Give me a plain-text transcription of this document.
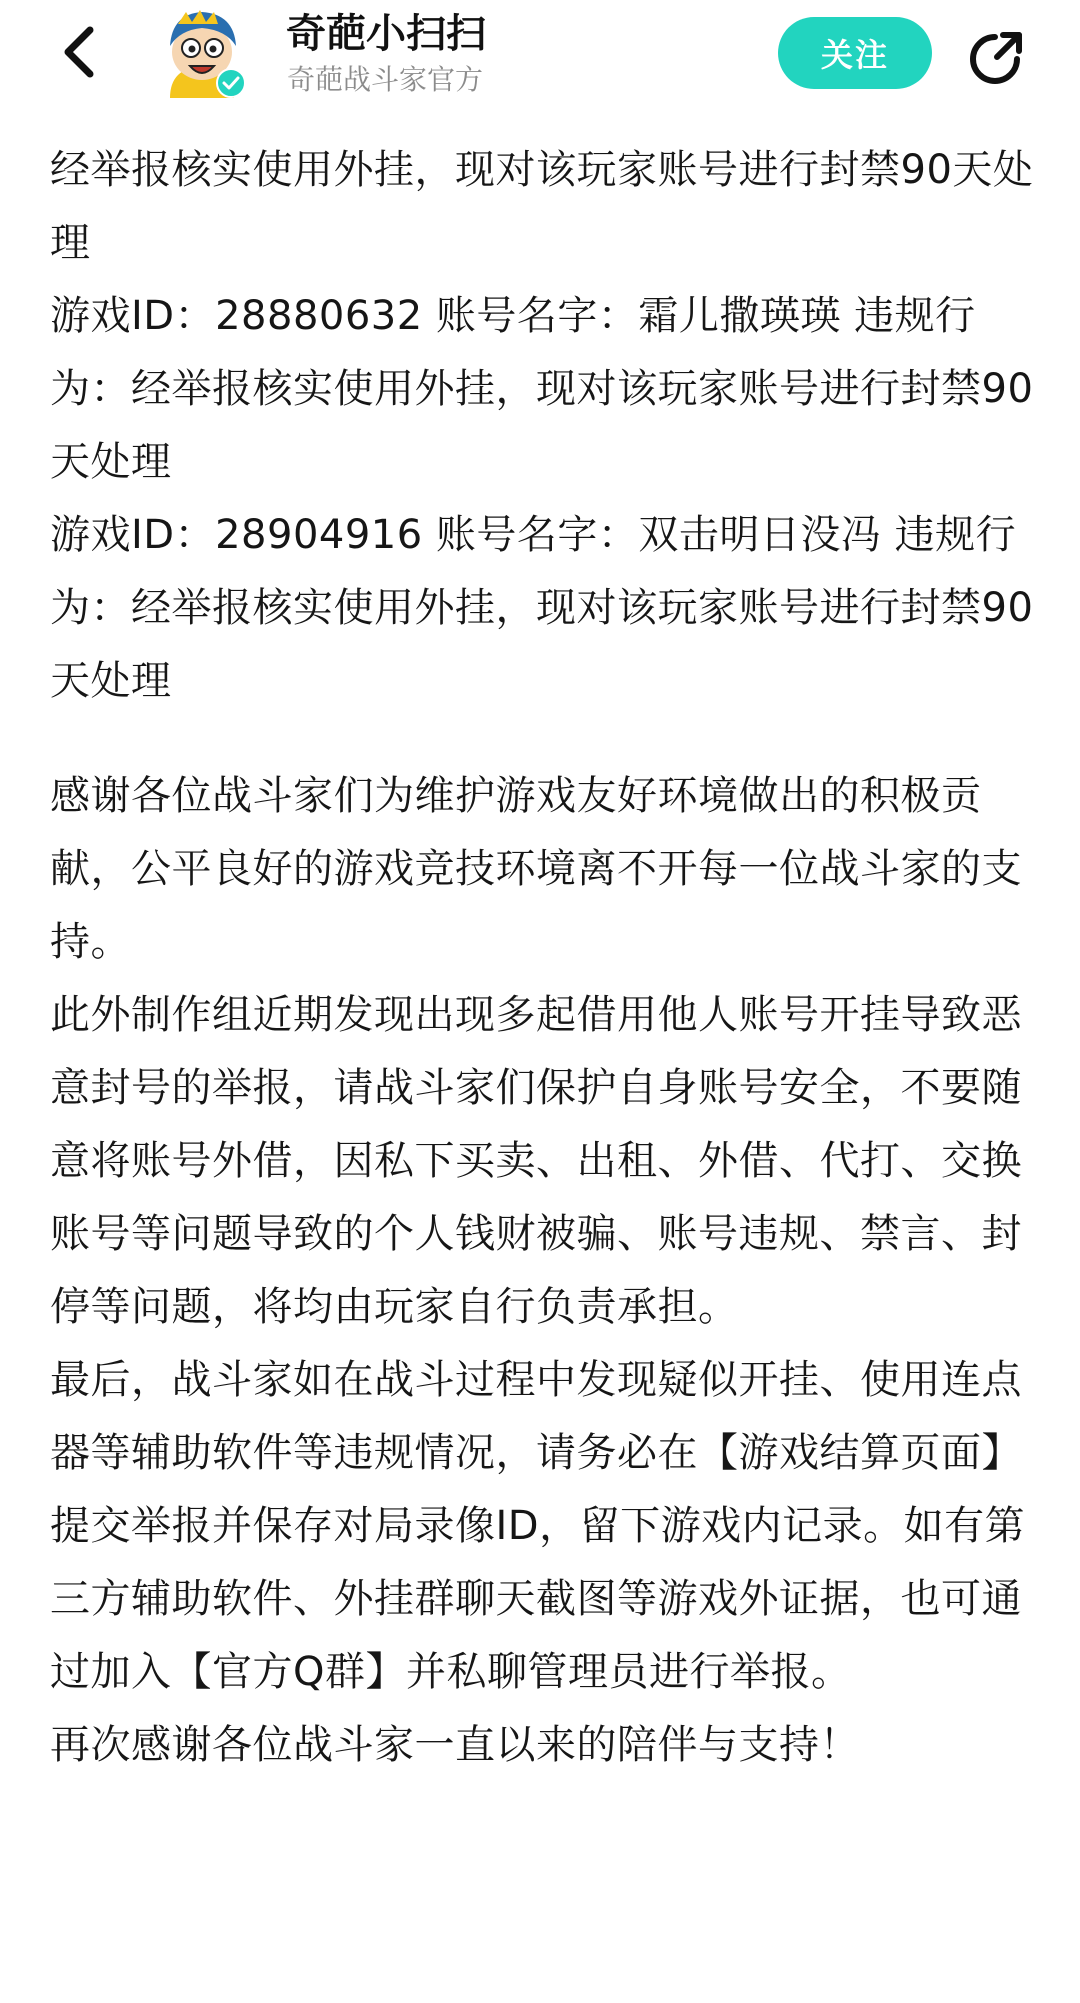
奇葩小扫扫
奇葩战斗家官方
关注

经举报核实使用外挂，现对该玩家账号进行封禁90天处理

游戏ID：28880632 账号名字：霜儿撒瑛瑛 违规行为：经举报核实使用外挂，现对该玩家账号进行封禁90天处理

游戏ID：28904916 账号名字：双击明日没冯 违规行为：经举报核实使用外挂，现对该玩家账号进行封禁90天处理

感谢各位战斗家们为维护游戏友好环境做出的积极贡献，公平良好的游戏竞技环境离不开每一位战斗家的支持。

此外制作组近期发现出现多起借用他人账号开挂导致恶意封号的举报，请战斗家们保护自身账号安全，不要随意将账号外借，因私下买卖、出租、外借、代打、交换账号等问题导致的个人钱财被骗、账号违规、禁言、封停等问题，将均由玩家自行负责承担。

最后，战斗家如在战斗过程中发现疑似开挂、使用连点器等辅助软件等违规情况，请务必在【游戏结算页面】提交举报并保存对局录像ID，留下游戏内记录。如有第三方辅助软件、外挂群聊天截图等游戏外证据，也可通过加入【官方Q群】并私聊管理员进行举报。

再次感谢各位战斗家一直以来的陪伴与支持！
